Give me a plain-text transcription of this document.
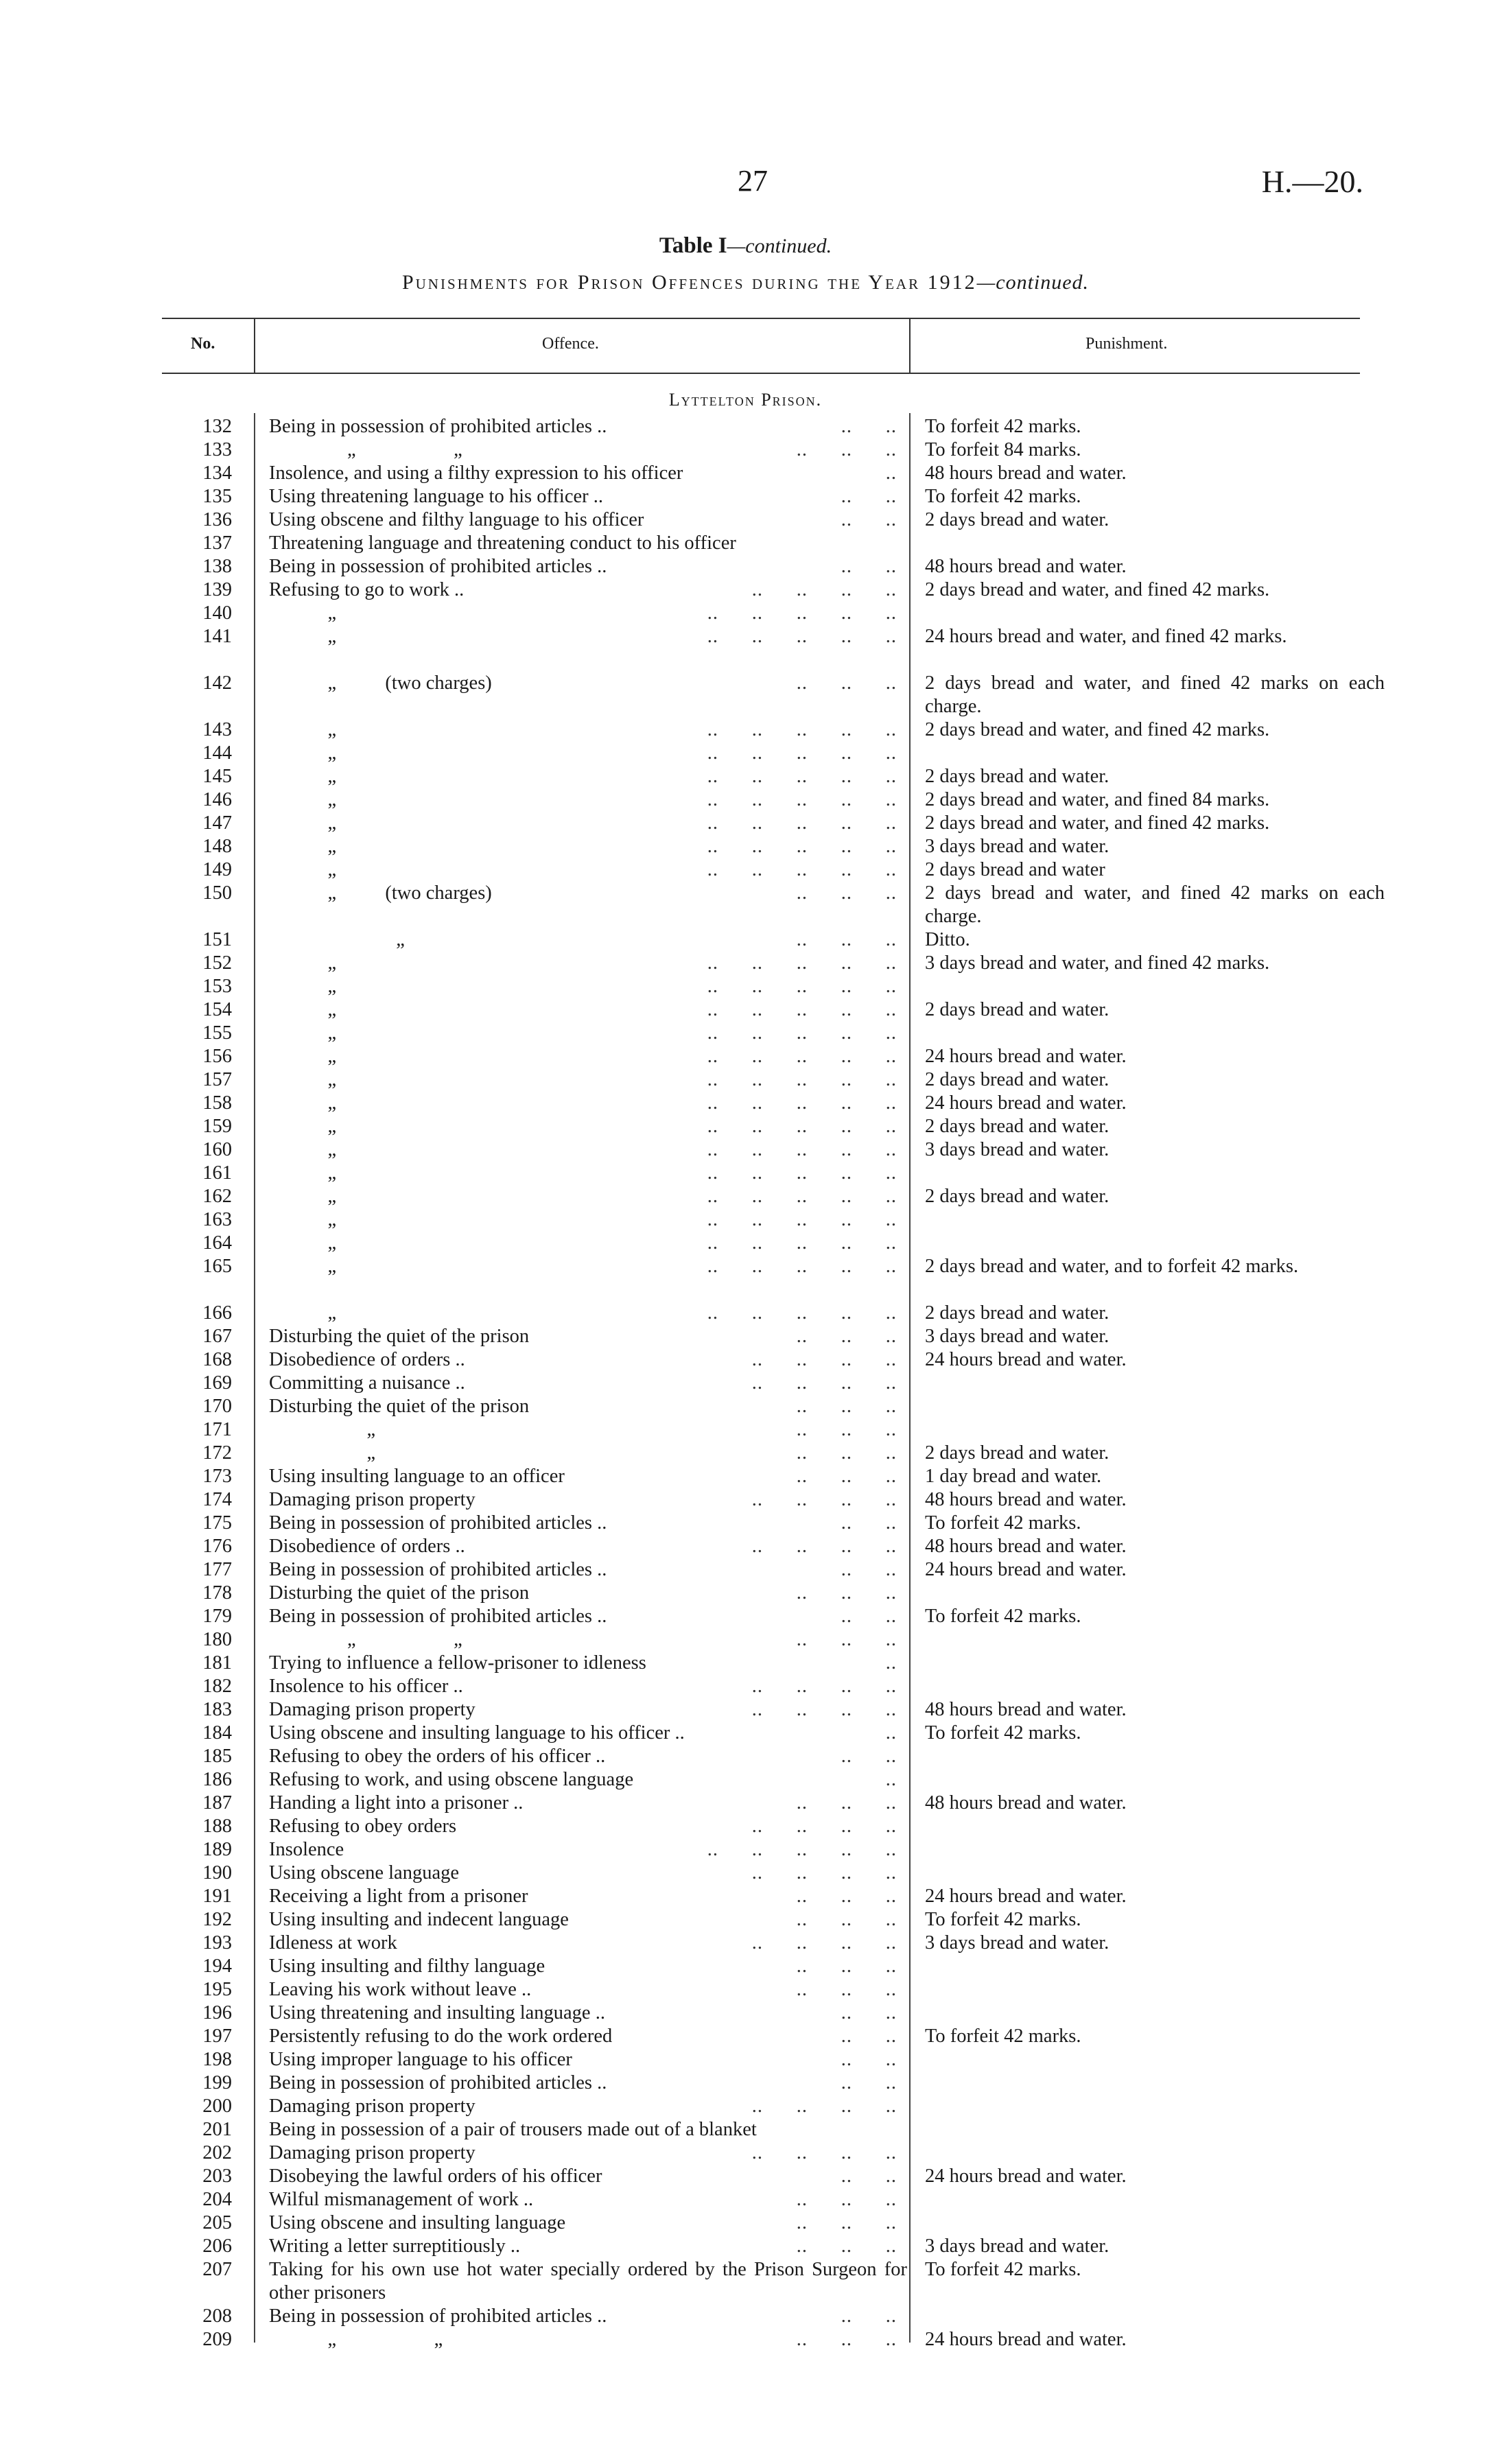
27	H.—20.
Table I—continued.
Punishments for Prison Offences during the Year 1912—continued.
No.	Offence.	Punishment.
Lyttelton Prison.
132 Being in possession of prohibited articles ..	..      .. To forfeit 42 marks.
133 „                    „	..      ..      .. To forfeit 84 marks.
134 Insolence, and using a filthy expression to his officer	.. 48 hours bread and water.
135 Using threatening language to his officer ..	..      .. To forfeit 42 marks.
136 Using obscene and filthy language to his officer	..      .. 2 days bread and water.
137 Threatening language and threatening conduct to his officer
138 Being in possession of prohibited articles ..	..      .. 48 hours bread and water.
139 Refusing to go to work ..	..      ..      ..      .. 2 days bread and water, and fined 42 marks.
140 „	..      ..      ..      ..      ..
141 „	..      ..      ..      ..      .. 24 hours bread and water, and fined 42 marks.
142 „          (two charges)	..      ..      .. 2 days bread and water, and fined 42 marks on each charge.
143 „	..      ..      ..      ..      .. 2 days bread and water, and fined 42 marks.
144 „	..      ..      ..      ..      ..
145 „	..      ..      ..      ..      .. 2 days bread and water.
146 „	..      ..      ..      ..      .. 2 days bread and water, and fined 84 marks.
147 „	..      ..      ..      ..      .. 2 days bread and water, and fined 42 marks.
148 „	..      ..      ..      ..      .. 3 days bread and water.
149 „	..      ..      ..      ..      .. 2 days bread and water
150 „          (two charges)	..      ..      .. 2 days bread and water, and fined 42 marks on each charge.
151 „	..      ..      .. Ditto.
152 „	..      ..      ..      ..      .. 3 days bread and water, and fined 42 marks.
153 „	..      ..      ..      ..      ..
154 „	..      ..      ..      ..      .. 2 days bread and water.
155 „	..      ..      ..      ..      ..
156 „	..      ..      ..      ..      .. 24 hours bread and water.
157 „	..      ..      ..      ..      .. 2 days bread and water.
158 „	..      ..      ..      ..      .. 24 hours bread and water.
159 „	..      ..      ..      ..      .. 2 days bread and water.
160 „	..      ..      ..      ..      .. 3 days bread and water.
161 „	..      ..      ..      ..      ..
162 „	..      ..      ..      ..      .. 2 days bread and water.
163 „	..      ..      ..      ..      ..
164 „	..      ..      ..      ..      ..
165 „	..      ..      ..      ..      .. 2 days bread and water, and to forfeit 42 marks.
166 „	..      ..      ..      ..      .. 2 days bread and water.
167 Disturbing the quiet of the prison	..      ..      .. 3 days bread and water.
168 Disobedience of orders ..	..      ..      ..      .. 24 hours bread and water.
169 Committing a nuisance ..	..      ..      ..      ..
170 Disturbing the quiet of the prison	..      ..      ..
171 „	..      ..      ..
172 „	..      ..      .. 2 days bread and water.
173 Using insulting language to an officer	..      ..      .. 1 day bread and water.
174 Damaging prison property	..      ..      ..      .. 48 hours bread and water.
175 Being in possession of prohibited articles ..	..      .. To forfeit 42 marks.
176 Disobedience of orders ..	..      ..      ..      .. 48 hours bread and water.
177 Being in possession of prohibited articles ..	..      .. 24 hours bread and water.
178 Disturbing the quiet of the prison	..      ..      ..
179 Being in possession of prohibited articles ..	..      .. To forfeit 42 marks.
180 „                    „	..      ..      ..
181 Trying to influence a fellow-prisoner to idleness	..
182 Insolence to his officer ..	..      ..      ..      ..
183 Damaging prison property	..      ..      ..      .. 48 hours bread and water.
184 Using obscene and insulting language to his officer ..	.. To forfeit 42 marks.
185 Refusing to obey the orders of his officer ..	..      ..
186 Refusing to work, and using obscene language	..
187 Handing a light into a prisoner ..	..      ..      .. 48 hours bread and water.
188 Refusing to obey orders	..      ..      ..      ..
189 Insolence	..      ..      ..      ..      ..
190 Using obscene language	..      ..      ..      ..
191 Receiving a light from a prisoner	..      ..      .. 24 hours bread and water.
192 Using insulting and indecent language	..      ..      .. To forfeit 42 marks.
193 Idleness at work	..      ..      ..      .. 3 days bread and water.
194 Using insulting and filthy language	..      ..      ..
195 Leaving his work without leave ..	..      ..      ..
196 Using threatening and insulting language ..	..      ..
197 Persistently refusing to do the work ordered	..      .. To forfeit 42 marks.
198 Using improper language to his officer	..      ..
199 Being in possession of prohibited articles ..	..      ..
200 Damaging prison property	..      ..      ..      ..
201 Being in possession of a pair of trousers made out of a blanket
202 Damaging prison property	..      ..      ..      ..
203 Disobeying the lawful orders of his officer	..      .. 24 hours bread and water.
204 Wilful mismanagement of work ..	..      ..      ..
205 Using obscene and insulting language	..      ..      ..
206 Writing a letter surreptitiously ..	..      ..      .. 3 days bread and water.
207 Taking for his own use hot water specially ordered by the Prison Surgeon for other prisoners
To forfeit 42 marks.
208 Being in possession of prohibited articles ..	..      ..
209 „                    „	..      ..      .. 24 hours bread and water.
